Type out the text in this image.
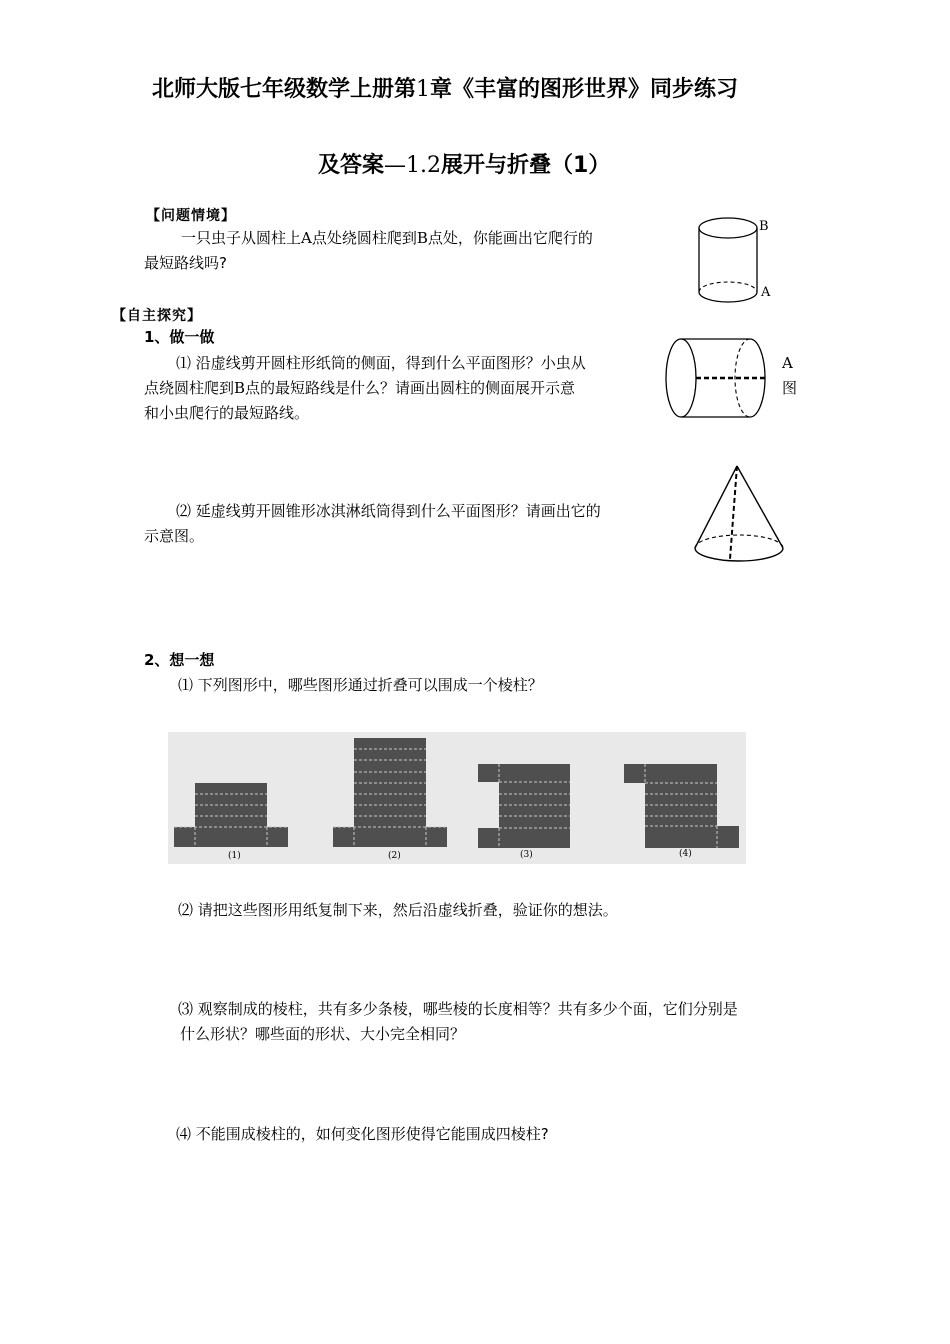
北师大版七年级数学上册第1章《丰富的图形世界》同步练习
及答案—1.2展开与折叠（1）
【问题情境】
一只虫子从圆柱上A点处绕圆柱爬到B点处，你能画出它爬行的
最短路线吗?
B
A
【自主探究】
1、做一做
⑴ 沿虚线剪开圆柱形纸筒的侧面，得到什么平面图形？小虫从
点绕圆柱爬到B点的最短路线是什么？请画出圆柱的侧面展开示意
和小虫爬行的最短路线。
A
图
⑵ 延虚线剪开圆锥形冰淇淋纸筒得到什么平面图形？请画出它的
示意图。
2、想一想
⑴ 下列图形中，哪些图形通过折叠可以围成一个棱柱？
(1)	(2)	(3)	(4)
⑵ 请把这些图形用纸复制下来，然后沿虚线折叠，验证你的想法。
⑶ 观察制成的棱柱，共有多少条棱，哪些棱的长度相等？共有多少个面，它们分别是
什么形状？哪些面的形状、大小完全相同？
⑷ 不能围成棱柱的，如何变化图形使得它能围成四棱柱?
